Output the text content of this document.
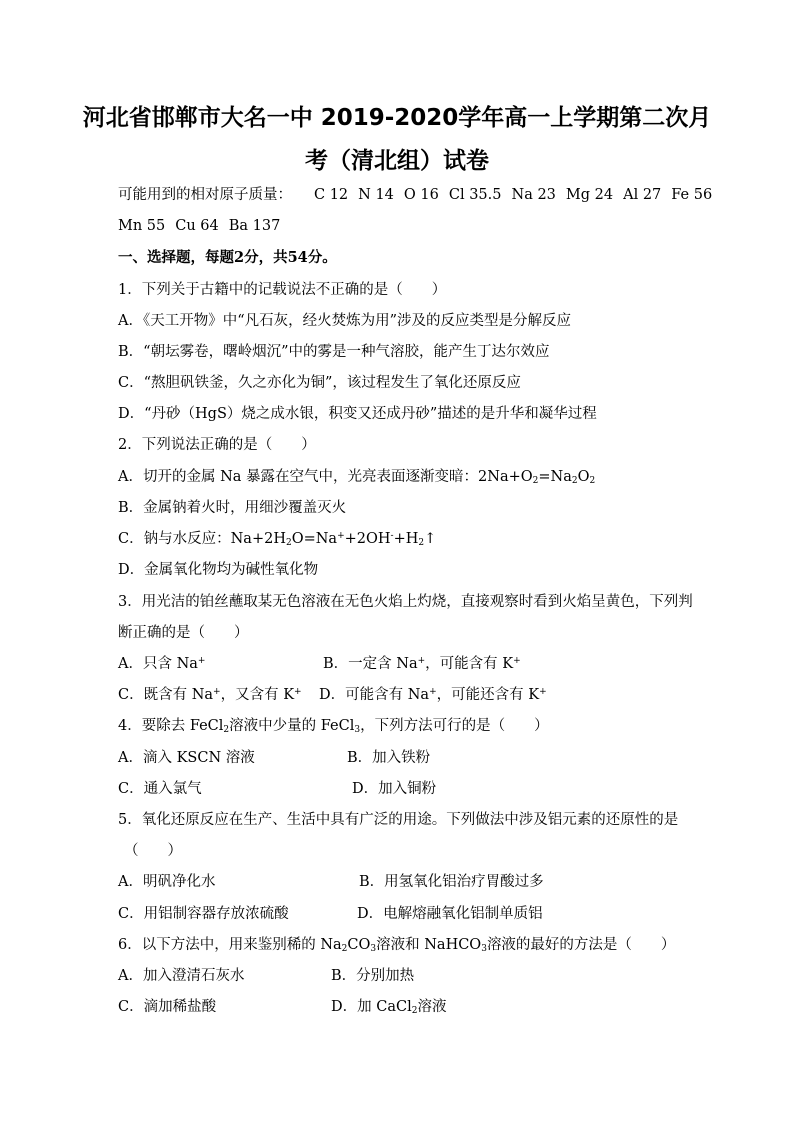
河北省邯郸市大名一中 2019-2020学年高一上学期第二次月
考（清北组）试卷

可能用到的相对原子质量： C 12 N 14 O 16 Cl 35.5 Na 23 Mg 24 Al 27 Fe 56

Mn 55 Cu 64 Ba 137

一、选择题，每题2分，共54分。

1．下列关于古籍中的记载说法不正确的是（　　）

A．《天工开物》中“凡石灰，经火焚炼为用”涉及的反应类型是分解反应

B．“朝坛雾卷，曙岭烟沉”中的雾是一种气溶胶，能产生丁达尔效应

C．“熬胆矾铁釜，久之亦化为铜”，该过程发生了氧化还原反应

D．“丹砂（HgS）烧之成水银，积变又还成丹砂”描述的是升华和凝华过程

2．下列说法正确的是（　　）

A．切开的金属 Na 暴露在空气中，光亮表面逐渐变暗：$2Na+O_2=Na_2O_2$

B．金属钠着火时，用细沙覆盖灭火

C．钠与水反应：$Na+2H_2O=Na^++2OH^-+H_2↑$

D．金属氧化物均为碱性氧化物

3．用光洁的铂丝蘸取某无色溶液在无色火焰上灼烧，直接观察时看到火焰呈黄色，下列判

断正确的是（　　）

A．只含 Na+	B．一定含 Na+，可能含有 K+

C．既含有 Na+，又含有 K+ D．可能含有 Na+，可能还含有 K+

4．要除去 FeCl$_2$溶液中少量的 FeCl$_3$，下列方法可行的是（　　）

A．滴入 KSCN 溶液	B．加入铁粉

C．通入氯气	D．加入铜粉

5．氧化还原反应在生产、生活中具有广泛的用途。下列做法中涉及铝元素的还原性的是

（　　）

A．明矾净化水	B．用氢氧化铝治疗胃酸过多

C．用铝制容器存放浓硫酸	D．电解熔融氧化铝制单质铝

6．以下方法中，用来鉴别稀的 $Na_2CO_3$溶液和 NaHCO$_3$溶液的最好的方法是（　　）

A．加入澄清石灰水	B．分别加热

C．滴加稀盐酸	D．加 CaCl$_2$溶液
